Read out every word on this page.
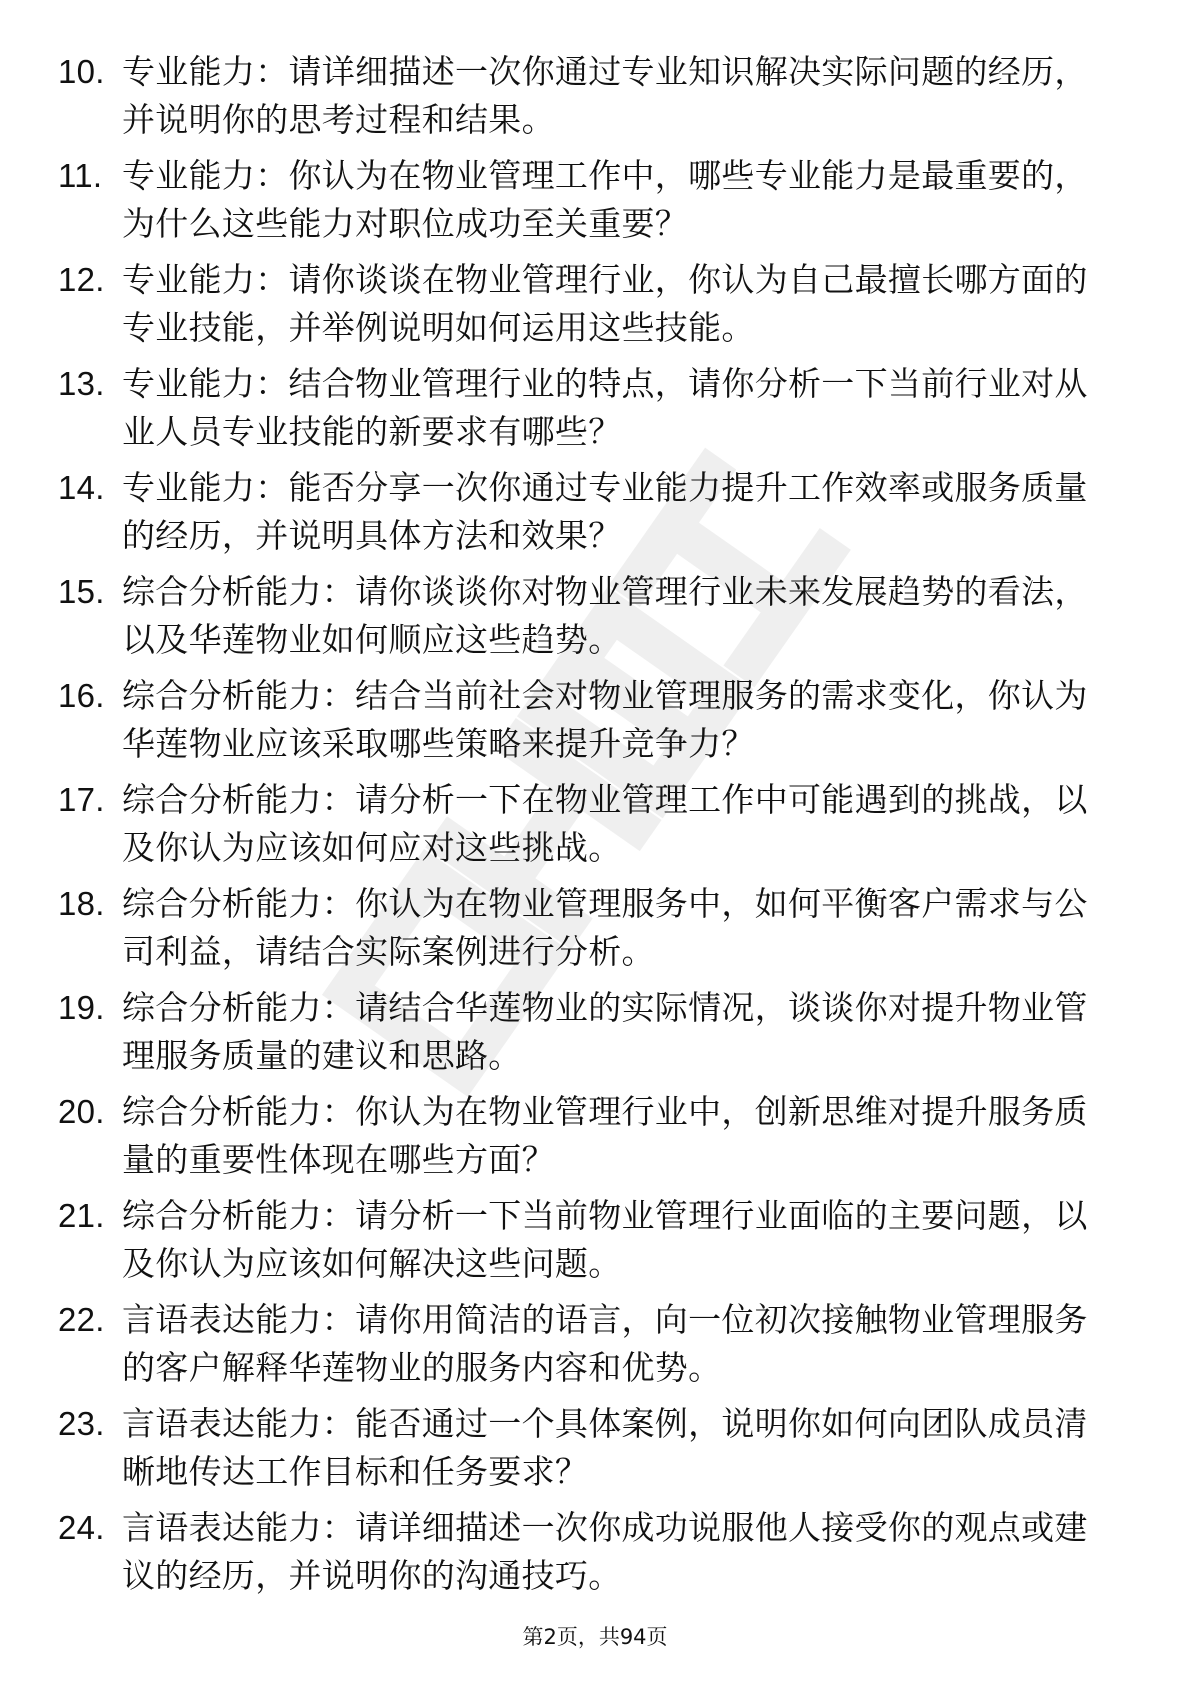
10. 专业能力：请详细描述一次你通过专业知识解决实际问题的经历，并说明你的思考过程和结果。
11. 专业能力：你认为在物业管理工作中，哪些专业能力是最重要的，为什么这些能力对职位成功至关重要？
12. 专业能力：请你谈谈在物业管理行业，你认为自己最擅长哪方面的专业技能，并举例说明如何运用这些技能。
13. 专业能力：结合物业管理行业的特点，请你分析一下当前行业对从业人员专业技能的新要求有哪些？
14. 专业能力：能否分享一次你通过专业能力提升工作效率或服务质量的经历，并说明具体方法和效果？
15. 综合分析能力：请你谈谈你对物业管理行业未来发展趋势的看法，以及华莲物业如何顺应这些趋势。
16. 综合分析能力：结合当前社会对物业管理服务的需求变化，你认为华莲物业应该采取哪些策略来提升竞争力？
17. 综合分析能力：请分析一下在物业管理工作中可能遇到的挑战，以及你认为应该如何应对这些挑战。
18. 综合分析能力：你认为在物业管理服务中，如何平衡客户需求与公司利益，请结合实际案例进行分析。
19. 综合分析能力：请结合华莲物业的实际情况，谈谈你对提升物业管理服务质量的建议和思路。
20. 综合分析能力：你认为在物业管理行业中，创新思维对提升服务质量的重要性体现在哪些方面？
21. 综合分析能力：请分析一下当前物业管理行业面临的主要问题，以及你认为应该如何解决这些问题。
22. 言语表达能力：请你用简洁的语言，向一位初次接触物业管理服务的客户解释华莲物业的服务内容和优势。
23. 言语表达能力：能否通过一个具体案例，说明你如何向团队成员清晰地传达工作目标和任务要求？
24. 言语表达能力：请详细描述一次你成功说服他人接受你的观点或建议的经历，并说明你的沟通技巧。
第2页，共94页
